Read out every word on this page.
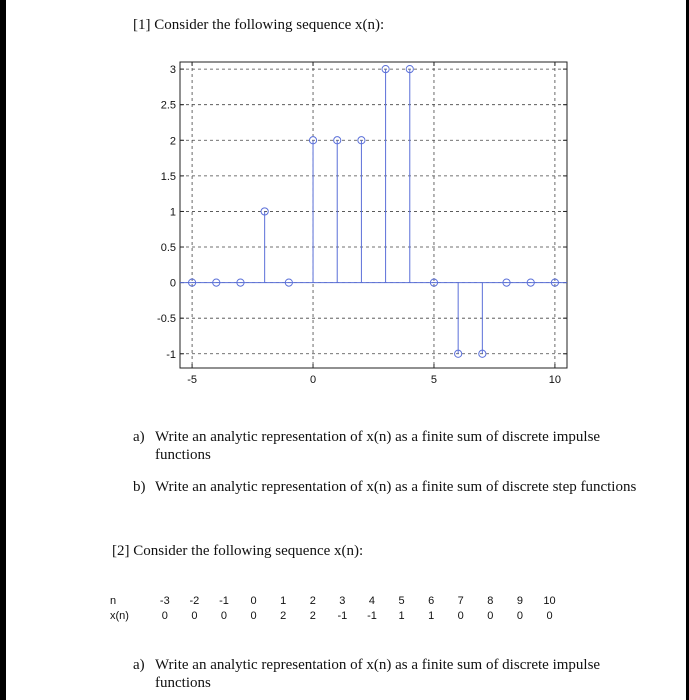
[1] Consider the following sequence x(n):
3
2.5
2
1.5
1
0.5
0
-0.5
-1
-5	0	5	10
a) Write an analytic representation of x(n) as a finite sum of discrete impulse
functions
b) Write an analytic representation of x(n) as a finite sum of discrete step functions
[2] Consider the following sequence x(n):
n	-3	-2	-1	0	1	2	3	4	5	6	7	8	9	10
x(n)	0	0	0	0	2	2	-1	-1	1	1	0	0	0	0
a) Write an analytic representation of x(n) as a finite sum of discrete impulse
functions
